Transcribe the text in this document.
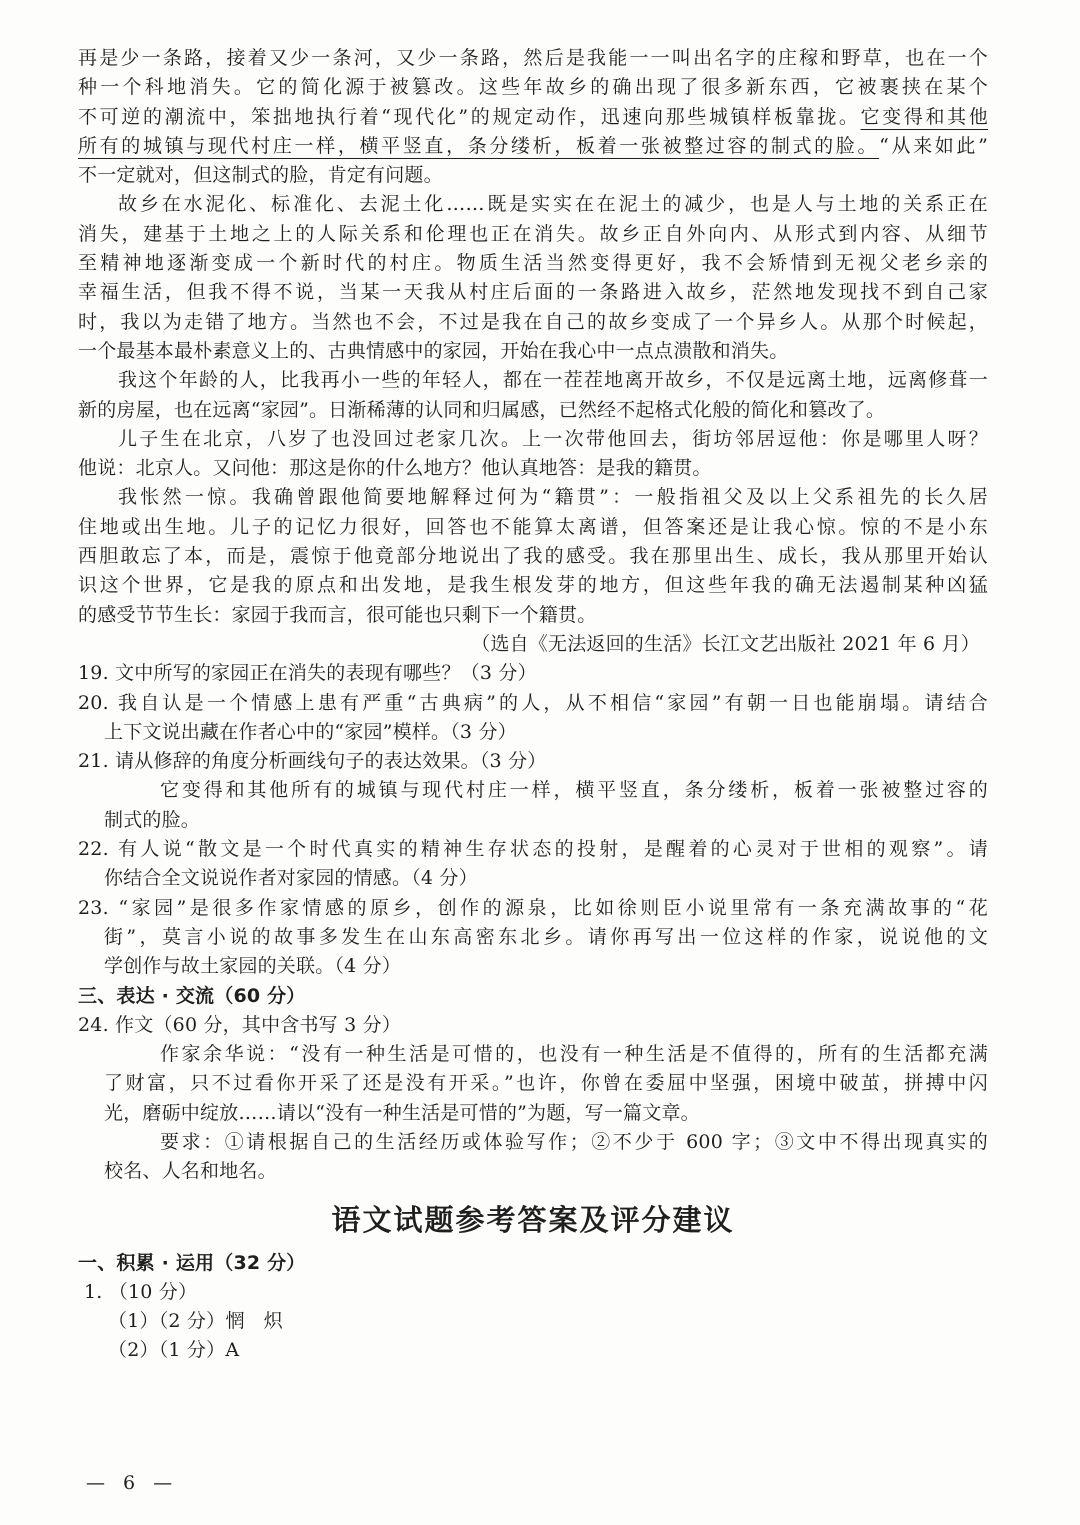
再是少一条路，接着又少一条河，又少一条路，然后是我能一一叫出名字的庄稼和野草，也在一个
种一个科地消失。它的简化源于被篡改。这些年故乡的确出现了很多新东西，它被裹挟在某个
不可逆的潮流中，笨拙地执行着“现代化”的规定动作，迅速向那些城镇样板靠拢。它变得和其他
所有的城镇与现代村庄一样，横平竖直，条分缕析，板着一张被整过容的制式的脸。“从来如此”
不一定就对，但这制式的脸，肯定有问题。
故乡在水泥化、标准化、去泥土化……既是实实在在泥土的减少，也是人与土地的关系正在
消失，建基于土地之上的人际关系和伦理也正在消失。故乡正自外向内、从形式到内容、从细节
至精神地逐渐变成一个新时代的村庄。物质生活当然变得更好，我不会矫情到无视父老乡亲的
幸福生活，但我不得不说，当某一天我从村庄后面的一条路进入故乡，茫然地发现找不到自己家
时，我以为走错了地方。当然也不会，不过是我在自己的故乡变成了一个异乡人。从那个时候起，
一个最基本最朴素意义上的、古典情感中的家园，开始在我心中一点点溃散和消失。
我这个年龄的人，比我再小一些的年轻人，都在一茬茬地离开故乡，不仅是远离土地，远离修葺一
新的房屋，也在远离“家园”。日渐稀薄的认同和归属感，已然经不起格式化般的简化和篡改了。
儿子生在北京，八岁了也没回过老家几次。上一次带他回去，街坊邻居逗他：你是哪里人呀？
他说：北京人。又问他：那这是你的什么地方？他认真地答：是我的籍贯。
我怅然一惊。我确曾跟他简要地解释过何为“籍贯”：一般指祖父及以上父系祖先的长久居
住地或出生地。儿子的记忆力很好，回答也不能算太离谱，但答案还是让我心惊。惊的不是小东
西胆敢忘了本，而是，震惊于他竟部分地说出了我的感受。我在那里出生、成长，我从那里开始认
识这个世界，它是我的原点和出发地，是我生根发芽的地方，但这些年我的确无法遏制某种凶猛
的感受节节生长：家园于我而言，很可能也只剩下一个籍贯。
（选自《无法返回的生活》长江文艺出版社 2021 年 6 月）
19. 文中所写的家园正在消失的表现有哪些？（3 分）
20. 我自认是一个情感上患有严重“古典病”的人，从不相信“家园”有朝一日也能崩塌。请结合
上下文说出藏在作者心中的“家园”模样。（3 分）
21. 请从修辞的角度分析画线句子的表达效果。（3 分）
它变得和其他所有的城镇与现代村庄一样，横平竖直，条分缕析，板着一张被整过容的
制式的脸。
22. 有人说“散文是一个时代真实的精神生存状态的投射，是醒着的心灵对于世相的观察”。请
你结合全文说说作者对家园的情感。（4 分）
23. “家园”是很多作家情感的原乡，创作的源泉，比如徐则臣小说里常有一条充满故事的“花
街”，莫言小说的故事多发生在山东高密东北乡。请你再写出一位这样的作家，说说他的文
学创作与故土家园的关联。（4 分）
三、表达 · 交流（60 分）
24. 作文（60 分，其中含书写 3 分）
作家余华说：“没有一种生活是可惜的，也没有一种生活是不值得的，所有的生活都充满
了财富，只不过看你开采了还是没有开采。”也许，你曾在委屈中坚强，困境中破茧，拼搏中闪
光，磨砺中绽放……请以“没有一种生活是可惜的”为题，写一篇文章。
要求：①请根据自己的生活经历或体验写作；②不少于 600 字；③文中不得出现真实的
校名、人名和地名。
语文试题参考答案及评分建议
一、积累 · 运用（32 分）
1. （10 分）
（1）（2 分）惘　炽
（2）（1 分）A
— 6 —
